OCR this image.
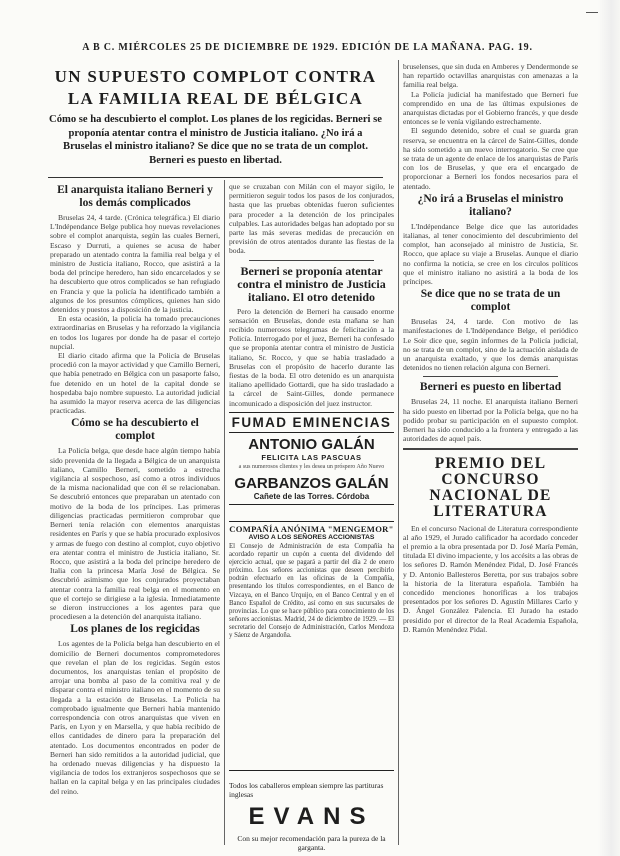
A B C. MIÉRCOLES 25 DE DICIEMBRE DE 1929. EDICIÓN DE LA MAÑANA. PAG. 19.
UN SUPUESTO COMPLOT CONTRA LA FAMILIA REAL DE BÉLGICA
Cómo se ha descubierto el complot. Los planes de los regicidas. Berneri se proponía atentar contra el ministro de Justicia italiano. ¿No irá a Bruselas el ministro italiano? Se dice que no se trata de un complot. Berneri es puesto en libertad.
El anarquista italiano Berneri y los demás complicados
Bruselas 24, 4 tarde. (Crónica telegráfica.) El diario L'Indépendance Belge publica hoy nuevas revelaciones sobre el complot anarquista, según las cuales Berneri, Escaso y Durruti, a quienes se acusa de haber preparado un atentado contra la familia real belga y el ministro de Justicia italiano, Rocco, que asistirá a la boda del príncipe heredero, han sido encarcelados y se ha descubierto que otros complicados se han refugiado en Francia y que la policía ha identificado también a algunos de los presuntos cómplices, quienes han sido detenidos y puestos a disposición de la justicia.
En esta ocasión, la policía ha tomado precauciones extraordinarias en Bruselas y ha reforzado la vigilancia en todos los lugares por donde ha de pasar el cortejo nupcial.
El diario citado afirma que la Policía de Bruselas procedió con la mayor actividad y que Camillo Berneri, que había penetrado en Bélgica con un pasaporte falso, fue detenido en un hotel de la capital donde se hospedaba bajo nombre supuesto. La autoridad judicial ha asumido la mayor reserva acerca de las diligencias practicadas.
Cómo se ha descubierto el complot
La Policía belga, que desde hace algún tiempo había sido prevenida de la llegada a Bélgica de un anarquista italiano, Camillo Berneri, sometido a estrecha vigilancia al sospechoso, así como a otros individuos de la misma nacionalidad que con él se relacionaban. Se descubrió entonces que preparaban un atentado con motivo de la boda de los príncipes. Las primeras diligencias practicadas permitieron comprobar que Berneri tenía relación con elementos anarquistas residentes en París y que se había procurado explosivos y armas de fuego con destino al complot, cuyo objetivo era atentar contra el ministro de Justicia italiano, Sr. Rocco, que asistirá a la boda del príncipe heredero de Italia con la princesa María José de Bélgica. Se descubrió asimismo que los conjurados proyectaban atentar contra la familia real belga en el momento en que el cortejo se dirigiese a la iglesia. Inmediatamente se dieron instrucciones a los agentes para que procediesen a la detención del anarquista italiano.
Los planes de los regicidas
Los agentes de la Policía belga han descubierto en el domicilio de Berneri documentos comprometedores que revelan el plan de los regicidas. Según estos documentos, los anarquistas tenían el propósito de arrojar una bomba al paso de la comitiva real y de disparar contra el ministro italiano en el momento de su llegada a la estación de Bruselas. La Policía ha comprobado igualmente que Berneri había mantenido correspondencia con otros anarquistas que viven en París, en Lyon y en Marsella, y que había recibido de ellos cantidades de dinero para la preparación del atentado. Los documentos encontrados en poder de Berneri han sido remitidos a la autoridad judicial, que ha ordenado nuevas diligencias y ha dispuesto la vigilancia de todos los extranjeros sospechosos que se hallan en la capital belga y en las principales ciudades del reino.
que se cruzaban con Milán con el mayor sigilo, le permitieron seguir todos los pasos de los conjurados, hasta que las pruebas obtenidas fueron suficientes para proceder a la detención de los principales culpables. Las autoridades belgas han adoptado por su parte las más severas medidas de precaución en previsión de otros atentados durante las fiestas de la boda.
Berneri se proponía atentar contra el ministro de Justicia italiano. El otro detenido
Pero la detención de Berneri ha causado enorme sensación en Bruselas, donde esta mañana se han recibido numerosos telegramas de felicitación a la Policía. Interrogado por el juez, Berneri ha confesado que se proponía atentar contra el ministro de Justicia italiano, Sr. Rocco, y que se había trasladado a Bruselas con el propósito de hacerlo durante las fiestas de la boda. El otro detenido es un anarquista italiano apellidado Gottardi, que ha sido trasladado a la cárcel de Saint-Gilles, donde permanece incomunicado a disposición del juez instructor.
FUMAD EMINENCIAS
ANTONIO GALÁN
FELICITA LAS PASCUAS
a sus numerosos clientes y les desea un próspero Año Nuevo
GARBANZOS GALÁN
Cañete de las Torres. Córdoba
COMPAÑÍA ANÓNIMA "MENGEMOR"
AVISO A LOS SEÑORES ACCIONISTAS
El Consejo de Administración de esta Compañía ha acordado repartir un cupón a cuenta del dividendo del ejercicio actual, que se pagará a partir del día 2 de enero próximo. Los señores accionistas que deseen percibirlo podrán efectuarlo en las oficinas de la Compañía, presentando los títulos correspondientes, en el Banco de Vizcaya, en el Banco Urquijo, en el Banco Central y en el Banco Español de Crédito, así como en sus sucursales de provincias. Lo que se hace público para conocimiento de los señores accionistas. Madrid, 24 de diciembre de 1929. — El secretario del Consejo de Administración, Carlos Mendoza y Sáenz de Argandoña.
Todos los caballeros emplean siempre las partituras inglesas
EVANS
Con su mejor recomendación para la pureza de la garganta.
bruselenses, que sin duda en Amberes y Dendermonde se han repartido octavillas anarquistas con amenazas a la familia real belga.
La Policía judicial ha manifestado que Berneri fue comprendido en una de las últimas expulsiones de anarquistas dictadas por el Gobierno francés, y que desde entonces se le venía vigilando estrechamente.
El segundo detenido, sobre el cual se guarda gran reserva, se encuentra en la cárcel de Saint-Gilles, donde ha sido sometido a un nuevo interrogatorio. Se cree que se trata de un agente de enlace de los anarquistas de París con los de Bruselas, y que era el encargado de proporcionar a Berneri los fondos necesarios para el atentado.
¿No irá a Bruselas el ministro italiano?
L'Indépendance Belge dice que las autoridades italianas, al tener conocimiento del descubrimiento del complot, han aconsejado al ministro de Justicia, Sr. Rocco, que aplace su viaje a Bruselas. Aunque el diario no confirma la noticia, se cree en los círculos políticos que el ministro italiano no asistirá a la boda de los príncipes.
Se dice que no se trata de un complot
Bruselas 24, 4 tarde. Con motivo de las manifestaciones de L'Indépendance Belge, el periódico Le Soir dice que, según informes de la Policía judicial, no se trata de un complot, sino de la actuación aislada de un anarquista exaltado, y que los demás anarquistas detenidos no tienen relación alguna con Berneri.
Berneri es puesto en libertad
Bruselas 24, 11 noche. El anarquista italiano Berneri ha sido puesto en libertad por la Policía belga, que no ha podido probar su participación en el supuesto complot. Berneri ha sido conducido a la frontera y entregado a las autoridades de aquel país.
PREMIO DEL CONCURSO NACIONAL DE LITERATURA
En el concurso Nacional de Literatura correspondiente al año 1929, el Jurado calificador ha acordado conceder el premio a la obra presentada por D. José María Pemán, titulada El divino impaciente, y los accésits a las obras de los señores D. Ramón Menéndez Pidal, D. José Francés y D. Antonio Ballesteros Beretta, por sus trabajos sobre la historia de la literatura española. También ha concedido menciones honoríficas a los trabajos presentados por los señores D. Agustín Millares Carlo y D. Ángel González Palencia. El Jurado ha estado presidido por el director de la Real Academia Española, D. Ramón Menéndez Pidal.
